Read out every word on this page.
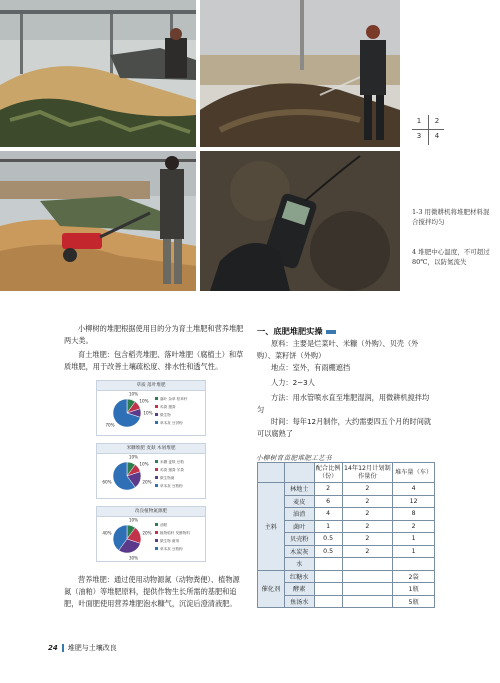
1	2
3	4
1-3 用微耕机将堆肥材料混合搅拌均匀
4 堆肥中心温度，不可超过80℃，以防氮流失
小柳树的堆肥根据使用目的分为育土堆肥和营养堆肥两大类。
育土堆肥：包含稻壳堆肥、落叶堆肥（腐植土）和草质堆肥，用于改善土壤疏松度、排水性和透气性。
草质 落叶堆肥
10%
10%
10%
70%
落叶 杂草 枯草秆
鸡粪 猪粪
微生物
草本灰 豆饼粉
米糠堆肥 麦麸 木屑堆肥
10%
10%
20%
60%
米糠 麦麸 豆粕
鸡粪 猪粪 羊粪
微生物菌
草本灰 豆粕粉
改良植物氮源肥
10%
20%
30%
40%
油粕
植物秸秆 发酵物料
微生物 菌剂
草本灰 豆粕粉
营养堆肥：通过使用动物源氮（动物粪便）、植物源氮（油粕）等堆肥原料，提供作物生长所需的基肥和追肥，叶面肥使用营养堆肥泡水糠气，沉淀后澄清液肥。
一、底肥堆肥实操
原料：主要是烂菜叶、米糠（外购）、贝壳（外购）、菜籽饼（外购）
地点：室外，有雨棚遮挡
人力：2~3人
方法：用水管喷水直至堆肥湿润，用微耕机搅拌均匀
时间：每年12月制作，大约需要四五个月的时间就可以腐熟了
小柳树育苗肥堆肥工艺书
		配合比例（份）	14年12月计划制作量份	堆车量（车）
主料	林地土	2	2	4
	麦皮	6	2	12
	油渣	4	2	8
	菌叶	1	2	2
	贝壳粉	0.5	2	1
	木炭灰	0.5	2	1
	水			
催化剂	红糖水			2袋
	酵素			1瓶
	鱼汤水			5瓶
24 堆肥与土壤改良
